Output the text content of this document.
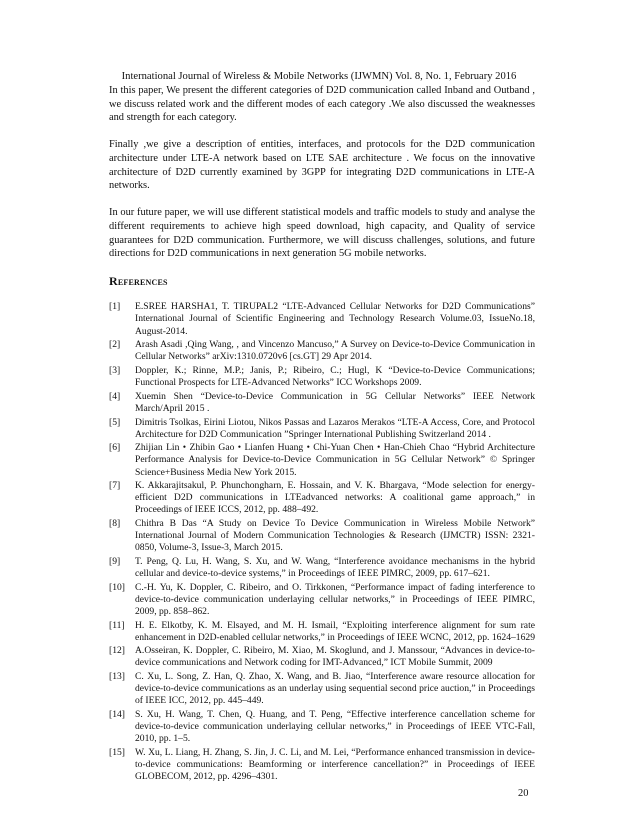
International Journal of Wireless & Mobile Networks (IJWMN) Vol. 8, No. 1, February 2016

In this paper, We present the different categories of D2D communication called Inband and Outband , we discuss related work and the different modes of each category .We also discussed the weaknesses and strength for each category.

Finally ,we give a description of entities, interfaces, and protocols for the D2D communication architecture under LTE-A network based on LTE SAE architecture . We focus on the innovative architecture of D2D currently examined by 3GPP for integrating D2D communications in LTE-A networks.

In our future paper, we will use different statistical models and traffic models to study and analyse the different requirements to achieve high speed download, high capacity, and Quality of service guarantees for D2D communication. Furthermore, we will discuss challenges, solutions, and future directions for D2D communications in next generation 5G mobile networks.

References
[1]	E.SREE HARSHA1, T. TIRUPAL2 “LTE-Advanced Cellular Networks for D2D Communications” International Journal of Scientific Engineering and Technology Research Volume.03, IssueNo.18, August-2014.
[2]	Arash Asadi ,Qing Wang, , and Vincenzo Mancuso,” A Survey on Device-to-Device Communication in Cellular Networks” arXiv:1310.0720v6 [cs.GT] 29 Apr 2014.
[3]	Doppler, K.; Rinne, M.P.; Janis, P.; Ribeiro, C.; Hugl, K “Device-to-Device Communications; Functional Prospects for LTE-Advanced Networks” ICC Workshops 2009.
[4]	Xuemin Shen “Device-to-Device Communication in 5G Cellular Networks” IEEE Network March/April 2015 .
[5]	Dimitris Tsolkas, Eirini Liotou, Nikos Passas and Lazaros Merakos “LTE-A Access, Core, and Protocol Architecture for D2D Communication ”Springer International Publishing Switzerland 2014 .
[6]	Zhijian Lin • Zhibin Gao • Lianfen Huang • Chi-Yuan Chen • Han-Chieh Chao “Hybrid Architecture Performance Analysis for Device-to-Device Communication in 5G Cellular Network” © Springer Science+Business Media New York 2015.
[7]	K. Akkarajitsakul, P. Phunchongharn, E. Hossain, and V. K. Bhargava, “Mode selection for energy-efficient D2D communications in LTEadvanced networks: A coalitional game approach,” in Proceedings of IEEE ICCS, 2012, pp. 488–492.
[8]	Chithra B Das “A Study on Device To Device Communication in Wireless Mobile Network” International Journal of Modern Communication Technologies & Research (IJMCTR) ISSN: 2321-0850, Volume-3, Issue-3, March 2015.
[9]	T. Peng, Q. Lu, H. Wang, S. Xu, and W. Wang, “Interference avoidance mechanisms in the hybrid cellular and device-to-device systems,” in Proceedings of IEEE PIMRC, 2009, pp. 617–621.
[10]	C.-H. Yu, K. Doppler, C. Ribeiro, and O. Tirkkonen, “Performance impact of fading interference to device-to-device communication underlaying cellular networks,” in Proceedings of IEEE PIMRC, 2009, pp. 858–862.
[11]	H. E. Elkotby, K. M. Elsayed, and M. H. Ismail, “Exploiting interference alignment for sum rate enhancement in D2D-enabled cellular networks,” in Proceedings of IEEE WCNC, 2012, pp. 1624–1629
[12]	A.Osseiran, K. Doppler, C. Ribeiro, M. Xiao, M. Skoglund, and J. Manssour, “Advances in device-to-device communications and Network coding for IMT-Advanced,” ICT Mobile Summit, 2009
[13]	C. Xu, L. Song, Z. Han, Q. Zhao, X. Wang, and B. Jiao, “Interference aware resource allocation for device-to-device communications as an underlay using sequential second price auction,” in Proceedings of IEEE ICC, 2012, pp. 445–449.
[14]	S. Xu, H. Wang, T. Chen, Q. Huang, and T. Peng, “Effective interference cancellation scheme for device-to-device communication underlaying cellular networks,” in Proceedings of IEEE VTC-Fall, 2010, pp. 1–5.
[15]	W. Xu, L. Liang, H. Zhang, S. Jin, J. C. Li, and M. Lei, “Performance enhanced transmission in device-to-device communications: Beamforming or interference cancellation?” in Proceedings of IEEE GLOBECOM, 2012, pp. 4296–4301.
20
